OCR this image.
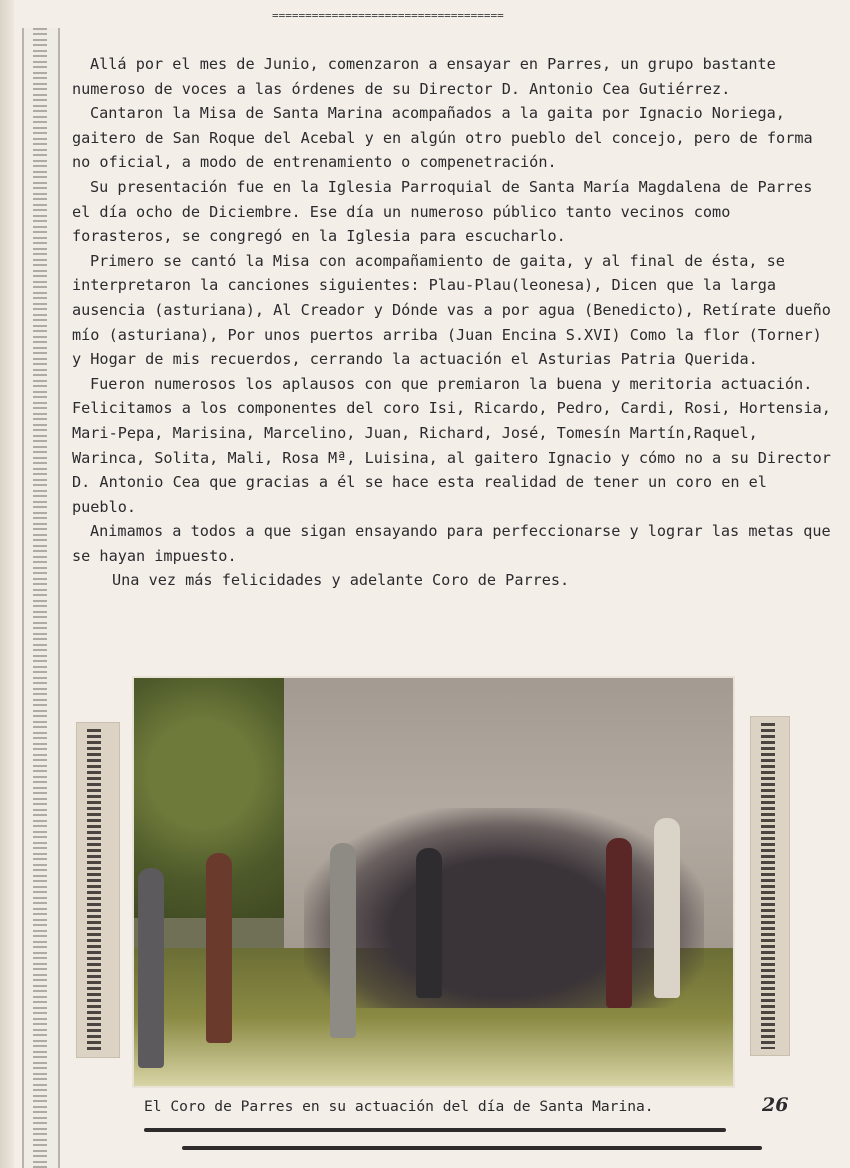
===================================

Allá por el mes de Junio, comenzaron a ensayar en Parres, un grupo bastante numeroso de voces a las órdenes de su Director D. Antonio Cea Gutiérrez.

Cantaron la Misa de Santa Marina acompañados a la gaita por Ignacio Noriega, gaitero de San Roque del Acebal y en algún otro pueblo del concejo, pero de forma no oficial, a modo de entrenamiento o compenetración.

Su presentación fue en la Iglesia Parroquial de Santa María Magdalena de Parres el día ocho de Diciembre. Ese día un numeroso público tanto vecinos como forasteros, se congregó en la Iglesia para escucharlo.

Primero se cantó la Misa con acompañamiento de gaita, y al final de ésta, se interpretaron la canciones siguientes: Plau-Plau(leonesa), Dicen que la larga ausencia (asturiana), Al Creador y Dónde vas a por agua (Benedicto), Retírate dueño mío (asturiana), Por unos puertos arriba (Juan Encina S.XVI) Como la flor (Torner) y Hogar de mis recuerdos, cerrando la actuación el Asturias Patria Querida.

Fueron numerosos los aplausos con que premiaron la buena y meritoria actuación. Felicitamos a los componentes del coro Isi, Ricardo, Pedro, Cardi, Rosi, Hortensia, Mari-Pepa, Marisina, Marcelino, Juan, Richard, José, Tomesín Martín,Raquel, Warinca, Solita, Mali, Rosa Mª, Luisina, al gaitero Ignacio y cómo no a su Director D. Antonio Cea que gracias a él se hace esta realidad de tener un coro en el pueblo.

Animamos a todos a que sigan ensayando para perfeccionarse y lograr las metas que se hayan impuesto.

Una vez más felicidades y adelante Coro de Parres.

El Coro de Parres en su actuación del día de Santa Marina.	26
